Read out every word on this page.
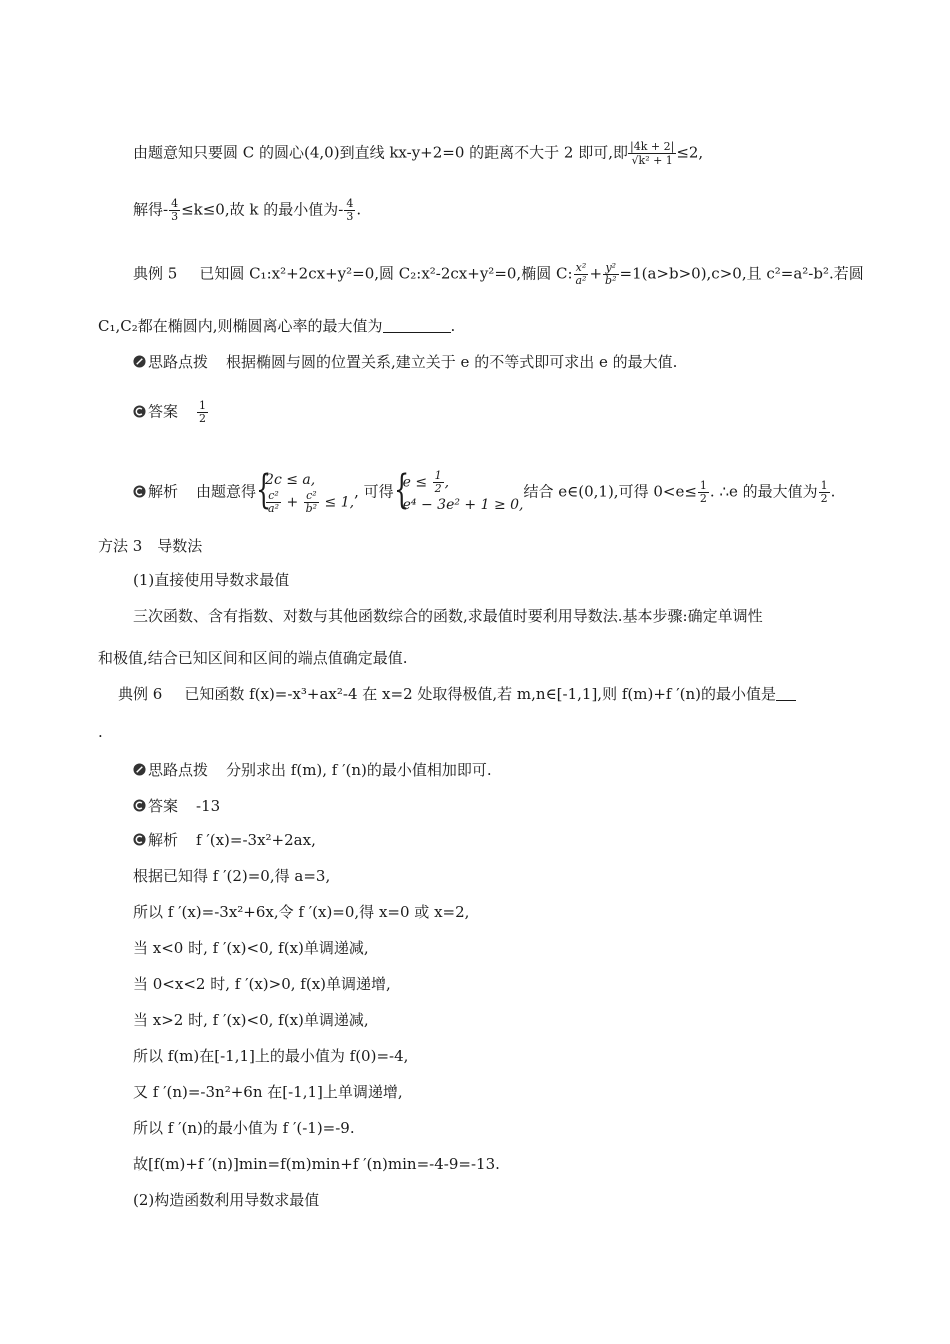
由题意知只要圆 C 的圆心(4,0)到直线 kx-y+2=0 的距离不大于 2 即可,即 $\frac{|4k + 2|}{\text{√k² + 1}} \le 2$,
解得- $\frac{4}{3} \le k\le 0$,故 k 的最小值为- $\frac{4}{3}$ .
典例 5 已知圆 C₁:x²+2cx+y²=0,圆 C₂:x²-2cx+y²=0,椭圆 C: $\frac{\text{x²}}{\text{a²}} + \frac{\text{y²}}{\text{b²}} =1(a>b>0),c>0$,且 c²=a²-b².若圆
C₁,C₂都在椭圆内,则椭圆离心率的最大值为	.
思路点拨 根据椭圆与圆的位置关系,建立关于 e 的不等式即可求出 e 的最大值.
答案 $\frac{1}{2}$
解析 由题意得 {
2c ≤ a,
$\frac{\text{c²}}{\text{a²}} + \frac{\text{c²}}{\text{b²}} \le 1$,
, 可得 {
$e \le \frac{1}{2}$ ,
e⁴ − 3e² + 1 ≥ 0,
结合 e∈(0,1),可得 $0<e\le \frac{1}{2}$ . ∴e 的最大值为 $\frac{1}{2}$ .
方法 3　导数法
(1)直接使用导数求最值
三次函数、含有指数、对数与其他函数综合的函数,求最值时要利用导数法.基本步骤:确定单调性
和极值,结合已知区间和区间的端点值确定最值.
典例 6 已知函数 f(x)=-x³+ax²-4 在 x=2 处取得极值,若 m,n∈[-1,1],则 f(m)+f ′(n)的最小值是
.
思路点拨 分别求出 f(m), f ′(n)的最小值相加即可.
答案 -13
解析 f ′(x)=-3x²+2ax,
根据已知得 f ′(2)=0,得 a=3,
所以 f ′(x)=-3x²+6x,令 f ′(x)=0,得 x=0 或 x=2,
当 x<0 时, f ′(x)<0, f(x)单调递减,
当 0<x<2 时, f ′(x)>0, f(x)单调递增,
当 x>2 时, f ′(x)<0, f(x)单调递减,
所以 f(m)在[-1,1]上的最小值为 f(0)=-4,
又 f ′(n)=-3n²+6n 在[-1,1]上单调递增,
所以 f ′(n)的最小值为 f ′(-1)=-9.
故[f(m)+f ′(n)]min=f(m)min+f ′(n)min=-4-9=-13.
(2)构造函数利用导数求最值
